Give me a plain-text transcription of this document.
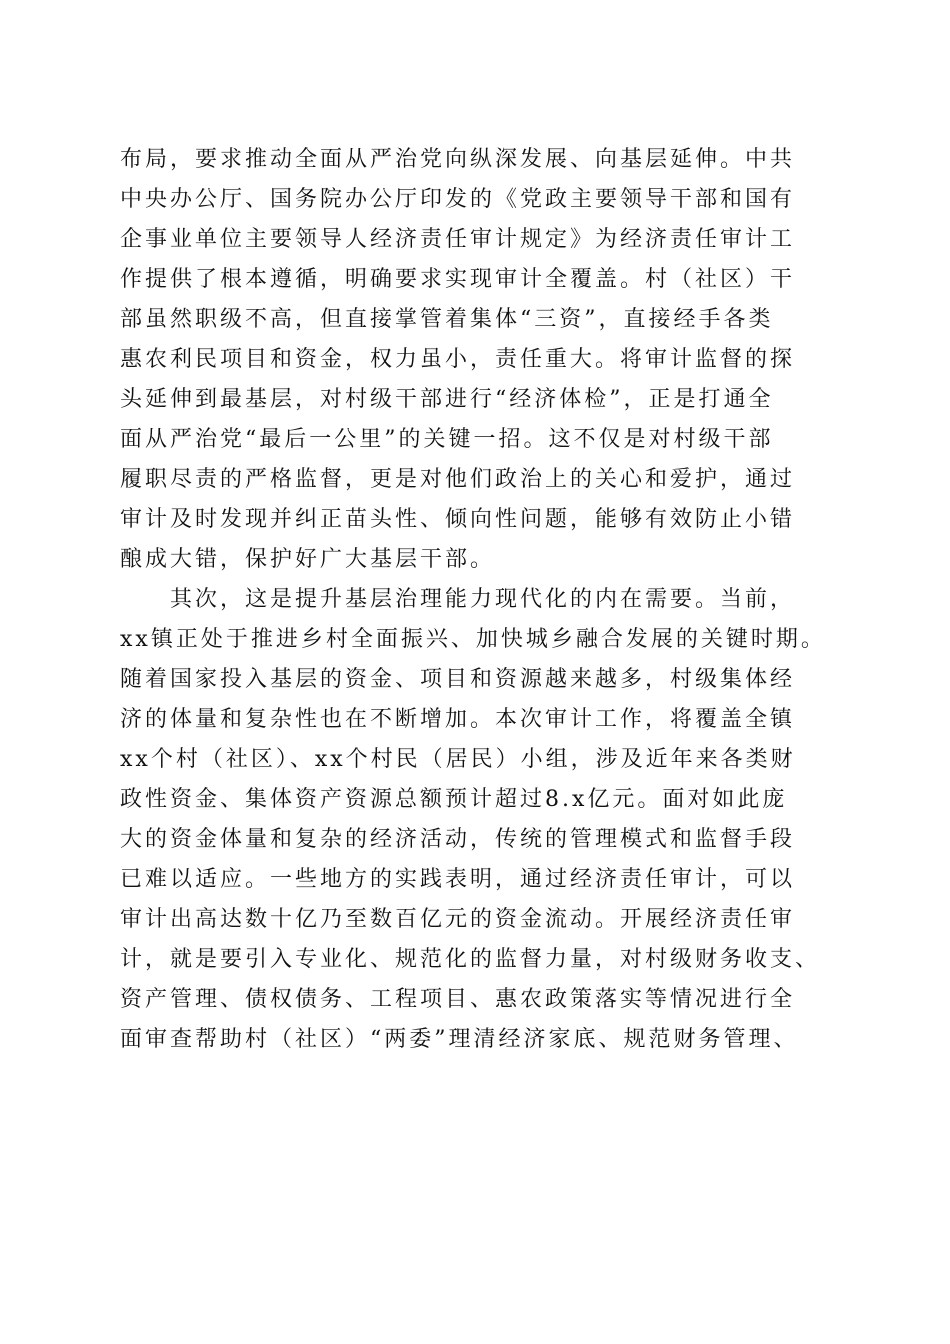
布局，要求推动全面从严治党向纵深发展、向基层延伸。中共
中央办公厅、国务院办公厅印发的《党政主要领导干部和国有
企事业单位主要领导人经济责任审计规定》为经济责任审计工
作提供了根本遵循，明确要求实现审计全覆盖。村（社区）干
部虽然职级不高，但直接掌管着集体“三资”，直接经手各类
惠农利民项目和资金，权力虽小，责任重大。将审计监督的探
头延伸到最基层，对村级干部进行“经济体检”，正是打通全
面从严治党“最后一公里”的关键一招。这不仅是对村级干部
履职尽责的严格监督，更是对他们政治上的关心和爱护，通过
审计及时发现并纠正苗头性、倾向性问题，能够有效防止小错
酿成大错，保护好广大基层干部。
　　其次，这是提升基层治理能力现代化的内在需要。当前，
xx镇正处于推进乡村全面振兴、加快城乡融合发展的关键时期。
随着国家投入基层的资金、项目和资源越来越多，村级集体经
济的体量和复杂性也在不断增加。本次审计工作，将覆盖全镇
xx个村（社区）、xx个村民（居民）小组，涉及近年来各类财
政性资金、集体资产资源总额预计超过8.x亿元。面对如此庞
大的资金体量和复杂的经济活动，传统的管理模式和监督手段
已难以适应。一些地方的实践表明，通过经济责任审计，可以
审计出高达数十亿乃至数百亿元的资金流动。开展经济责任审
计，就是要引入专业化、规范化的监督力量，对村级财务收支、
资产管理、债权债务、工程项目、惠农政策落实等情况进行全
面审查帮助村（社区）“两委”理清经济家底、规范财务管理、
